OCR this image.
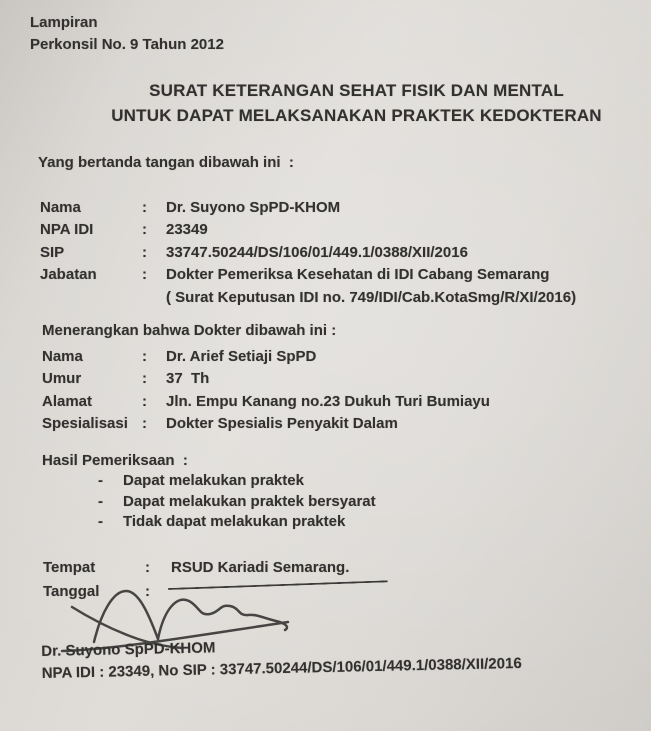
Lampiran
Perkonsil No. 9 Tahun 2012
SURAT KETERANGAN SEHAT FISIK DAN MENTAL
UNTUK DAPAT MELAKSANAKAN PRAKTEK KEDOKTERAN
Yang bertanda tangan dibawah ini  :
Nama	:	Dr. Suyono SpPD-KHOM
NPA IDI	:	23349
SIP	:	33747.50244/DS/106/01/449.1/0388/XII/2016
Jabatan	:	Dokter Pemeriksa Kesehatan di IDI Cabang Semarang
( Surat Keputusan IDI no. 749/IDI/Cab.KotaSmg/R/XI/2016)
Menerangkan bahwa Dokter dibawah ini :
Nama	:	Dr. Arief Setiaji SpPD
Umur	:	37  Th
Alamat	:	Jln. Empu Kanang no.23 Dukuh Turi Bumiayu
Spesialisasi :	Dokter Spesialis Penyakit Dalam
Hasil Pemeriksaan  :
-	Dapat melakukan praktek
-	Dapat melakukan praktek bersyarat
-	Tidak dapat melakukan praktek
Tempat	:	RSUD Kariadi Semarang.
Tanggal	:
Dr. Suyono SpPD-KHOM
NPA IDI : 23349, No SIP : 33747.50244/DS/106/01/449.1/0388/XII/2016
